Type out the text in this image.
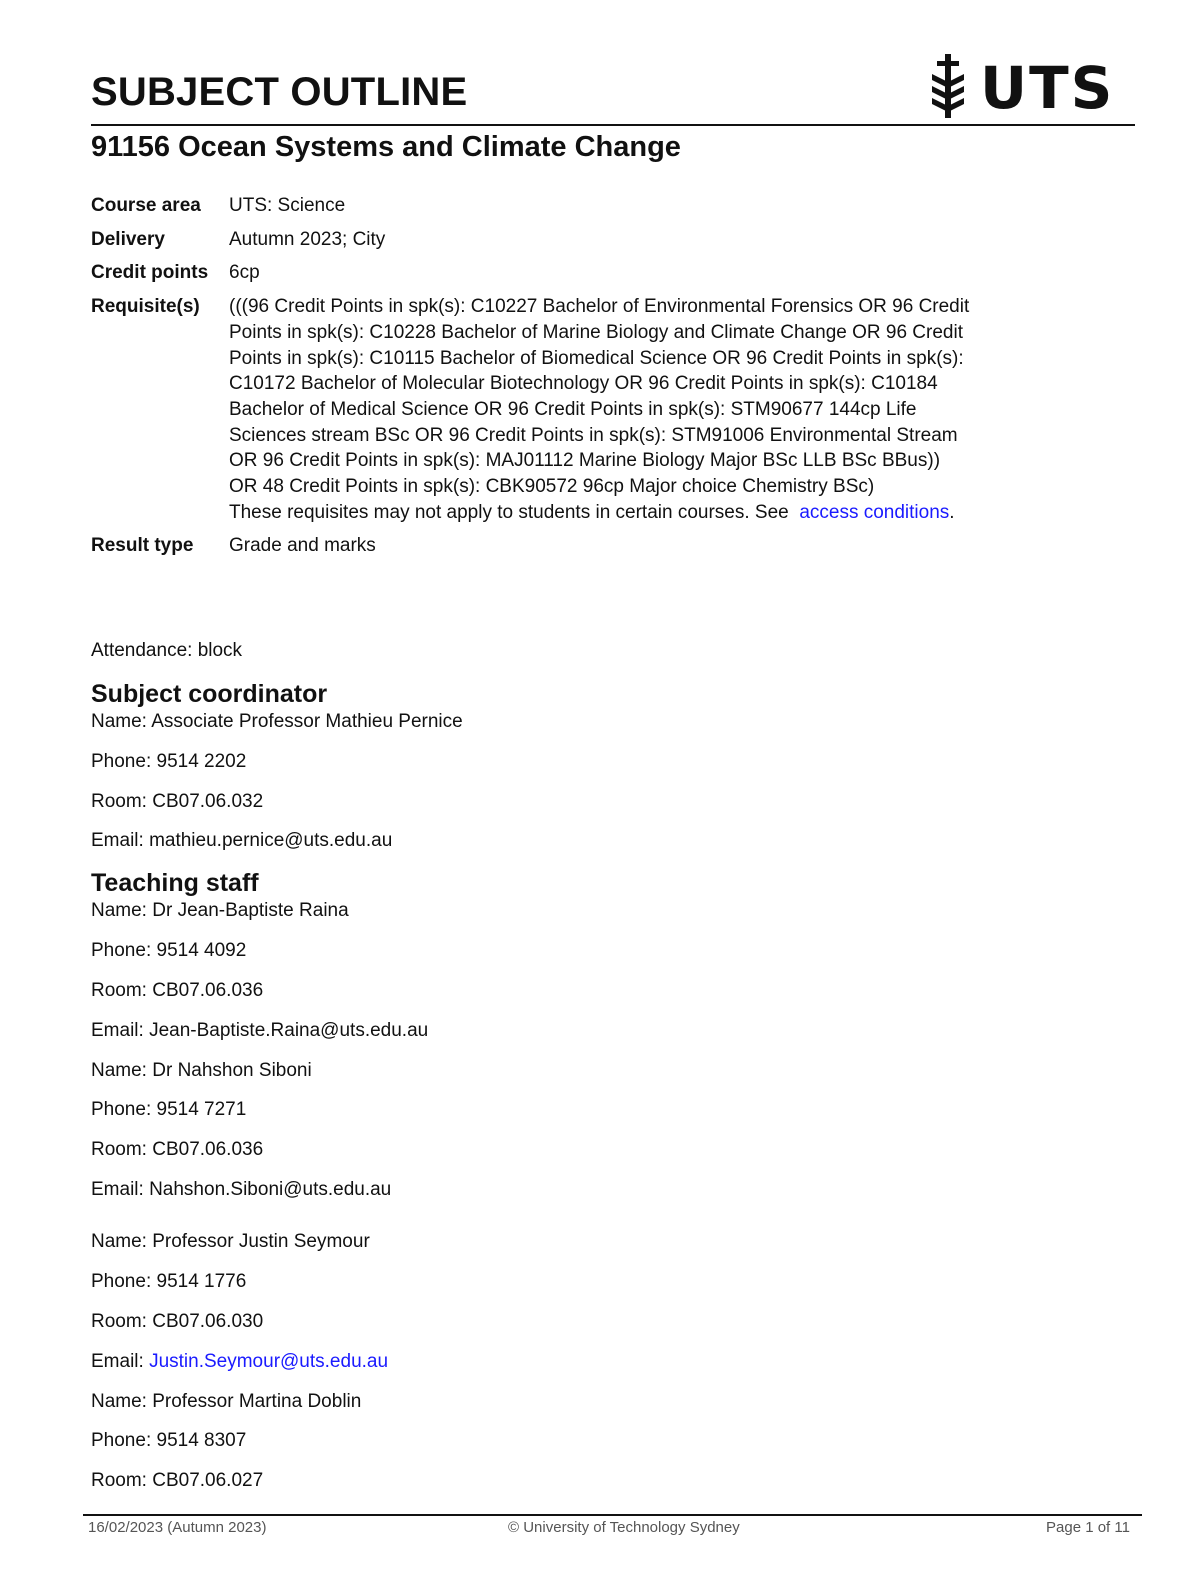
SUBJECT OUTLINE	UTS
91156 Ocean Systems and Climate Change
Course area	UTS: Science
Delivery	Autumn 2023; City
Credit points	6cp
Requisite(s)	(((96 Credit Points in spk(s): C10227 Bachelor of Environmental Forensics OR 96 Credit Points in spk(s): C10228 Bachelor of Marine Biology and Climate Change OR 96 Credit Points in spk(s): C10115 Bachelor of Biomedical Science OR 96 Credit Points in spk(s): C10172 Bachelor of Molecular Biotechnology OR 96 Credit Points in spk(s): C10184 Bachelor of Medical Science OR 96 Credit Points in spk(s): STM90677 144cp Life Sciences stream BSc OR 96 Credit Points in spk(s): STM91006 Environmental Stream OR 96 Credit Points in spk(s): MAJ01112 Marine Biology Major BSc LLB BSc BBus)) OR 48 Credit Points in spk(s): CBK90572 96cp Major choice Chemistry BSc)

These requisites may not apply to students in certain courses. See access conditions.

Result type	Grade and marks

Attendance: block

Subject coordinator

Name: Associate Professor Mathieu Pernice

Phone: 9514 2202

Room: CB07.06.032

Email: mathieu.pernice@uts.edu.au

Teaching staff

Name: Dr Jean-Baptiste Raina

Phone: 9514 4092

Room: CB07.06.036

Email: Jean-Baptiste.Raina@uts.edu.au

Name: Dr Nahshon Siboni

Phone: 9514 7271

Room: CB07.06.036

Email: Nahshon.Siboni@uts.edu.au

Name: Professor Justin Seymour

Phone: 9514 1776

Room: CB07.06.030

Email: Justin.Seymour@uts.edu.au

Name: Professor Martina Doblin

Phone: 9514 8307

Room: CB07.06.027

16/02/2023 (Autumn 2023)	© University of Technology Sydney	Page 1 of 11
